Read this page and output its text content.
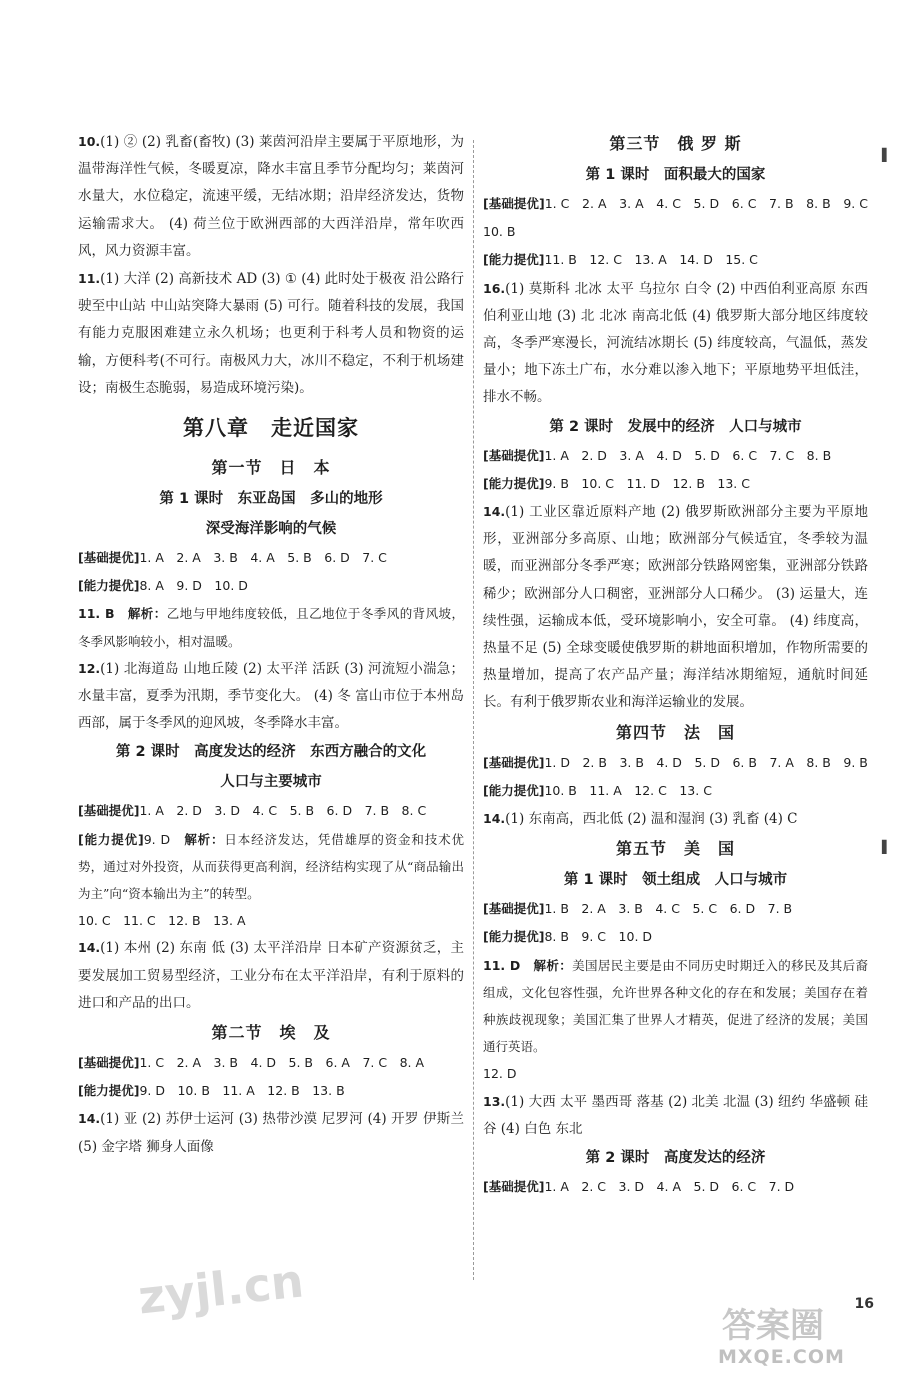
10.(1) ② (2) 乳畜(畜牧) (3) 莱茵河沿岸主要属于平原地形，为温带海洋性气候，冬暖夏凉，降水丰富且季节分配均匀；莱茵河水量大，水位稳定，流速平缓，无结冰期；沿岸经济发达，货物运输需求大。 (4) 荷兰位于欧洲西部的大西洋沿岸，常年吹西风，风力资源丰富。

11.(1) 大洋 (2) 高新技术 AD (3) ① (4) 此时处于极夜 沿公路行驶至中山站 中山站突降大暴雨 (5) 可行。随着科技的发展，我国有能力克服困难建立永久机场；也更利于科考人员和物资的运输，方便科考(不可行。南极风力大，冰川不稳定，不利于机场建设；南极生态脆弱，易造成环境污染)。

第八章　走近国家
第一节　日　本
第 1 课时　东亚岛国　多山的地形
深受海洋影响的气候

[基础提优]1. A　2. A　3. B　4. A　5. B　6. D　7. C

[能力提优]8. A　9. D　10. D

11. B　解析：乙地与甲地纬度较低，且乙地位于冬季风的背风坡，冬季风影响较小，相对温暖。

12.(1) 北海道岛 山地丘陵 (2) 太平洋 活跃 (3) 河流短小湍急；水量丰富，夏季为汛期，季节变化大。 (4) 冬 富山市位于本州岛西部，属于冬季风的迎风坡，冬季降水丰富。

第 2 课时　高度发达的经济　东西方融合的文化
人口与主要城市

[基础提优]1. A　2. D　3. D　4. C　5. B　6. D　7. B　8. C

[能力提优]9. D　解析：日本经济发达，凭借雄厚的资金和技术优势，通过对外投资，从而获得更高利润，经济结构实现了从“商品输出为主”向“资本输出为主”的转型。

10. C　11. C　12. B　13. A

14.(1) 本州 (2) 东南 低 (3) 太平洋沿岸 日本矿产资源贫乏，主要发展加工贸易型经济，工业分布在太平洋沿岸，有利于原料的进口和产品的出口。

第二节　埃　及

[基础提优]1. C　2. A　3. B　4. D　5. B　6. A　7. C　8. A

[能力提优]9. D　10. B　11. A　12. B　13. B

14.(1) 亚 (2) 苏伊士运河 (3) 热带沙漠 尼罗河 (4) 开罗 伊斯兰 (5) 金字塔 狮身人面像

第三节　俄 罗 斯
第 1 课时　面积最大的国家

[基础提优]1. C　2. A　3. A　4. C　5. D　6. C　7. B　8. B　9. C　10. B

[能力提优]11. B　12. C　13. A　14. D　15. C

16.(1) 莫斯科 北冰 太平 乌拉尔 白令 (2) 中西伯利亚高原 东西伯利亚山地 (3) 北 北冰 南高北低 (4) 俄罗斯大部分地区纬度较高，冬季严寒漫长，河流结冰期长 (5) 纬度较高，气温低，蒸发量小；地下冻土广布，水分难以渗入地下；平原地势平坦低洼，排水不畅。

第 2 课时　发展中的经济　人口与城市

[基础提优]1. A　2. D　3. A　4. D　5. D　6. C　7. C　8. B

[能力提优]9. B　10. C　11. D　12. B　13. C

14.(1) 工业区靠近原料产地 (2) 俄罗斯欧洲部分主要为平原地形，亚洲部分多高原、山地；欧洲部分气候适宜，冬季较为温暖，而亚洲部分冬季严寒；欧洲部分铁路网密集，亚洲部分铁路稀少；欧洲部分人口稠密，亚洲部分人口稀少。 (3) 运量大，连续性强，运输成本低，受环境影响小，安全可靠。 (4) 纬度高，热量不足 (5) 全球变暖使俄罗斯的耕地面积增加，作物所需要的热量增加，提高了农产品产量；海洋结冰期缩短，通航时间延长。有利于俄罗斯农业和海洋运输业的发展。

第四节　法　国

[基础提优]1. D　2. B　3. B　4. D　5. D　6. B　7. A　8. B　9. B

[能力提优]10. B　11. A　12. C　13. C

14.(1) 东南高，西北低 (2) 温和湿润 (3) 乳畜 (4) C

第五节　美　国
第 1 课时　领土组成　人口与城市

[基础提优]1. B　2. A　3. B　4. C　5. C　6. D　7. B

[能力提优]8. B　9. C　10. D

11. D　解析：美国居民主要是由不同历史时期迁入的移民及其后裔组成，文化包容性强，允许世界各种文化的存在和发展；美国存在着种族歧视现象；美国汇集了世界人才精英，促进了经济的发展；美国通行英语。

12. D

13.(1) 大西 太平 墨西哥 落基 (2) 北美 北温 (3) 纽约 华盛顿 硅谷 (4) 白色 东北

第 2 课时　高度发达的经济

[基础提优]1. A　2. C　3. D　4. A　5. D　6. C　7. D

▌
▌
zyjl.cn
答案圈
MXQE.COM
16
